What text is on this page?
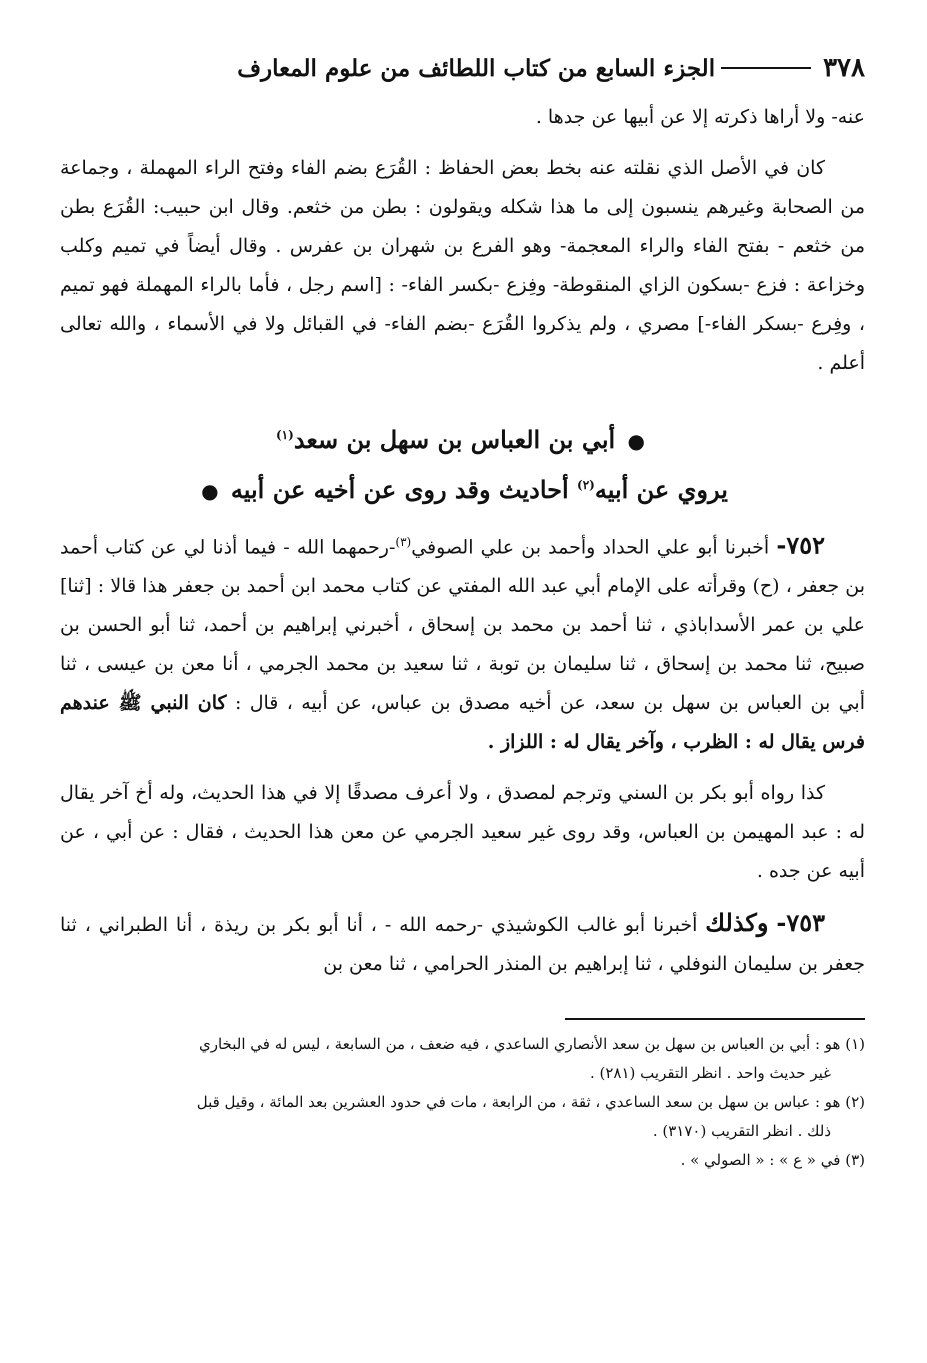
٣٧٨
الجزء السابع من كتاب اللطائف من علوم المعارف

عنه- ولا أراها ذكرته إلا عن أبيها عن جدها .

كان في الأصل الذي نقلته عنه بخط بعض الحفاظ : القُرَع بضم الفاء وفتح الراء المهملة ، وجماعة من الصحابة وغيرهم ينسبون إلى ما هذا شكله ويقولون : بطن من خثعم. وقال ابن حبيب: القُرَع بطن من خثعم - بفتح الفاء والراء المعجمة- وهو الفرع بن شهران بن عفرس . وقال أيضاً في تميم وكلب وخزاعة : فزع -بسكون الزاي المنقوطة- وفِزع -بكسر الفاء- : [اسم رجل ، فأما بالراء المهملة فهو تميم ، وفِرع -بسكر الفاء-] مصري ، ولم يذكروا القُرَع -بضم الفاء- في القبائل ولا في الأسماء ، والله تعالى أعلم .

● أبي بن العباس بن سهل بن سعد$^{(١)}$

يروي عن أبيه$^{(٢)}$ أحاديث وقد روى عن أخيه عن أبيه ●

٧٥٢- أخبرنا أبو علي الحداد وأحمد بن علي الصوفي$^{(٣)}$-رحمهما الله - فيما أذنا لي عن كتاب أحمد بن جعفر ، (ح) وقرأته على الإمام أبي عبد الله المفتي عن كتاب محمد ابن أحمد بن جعفر هذا قالا : [ثنا] علي بن عمر الأسداباذي ، ثنا أحمد بن محمد بن إسحاق ، أخبرني إبراهيم بن أحمد، ثنا أبو الحسن بن صبيح، ثنا محمد بن إسحاق ، ثنا سليمان بن توبة ، ثنا سعيد بن محمد الجرمي ، أنا معن بن عيسى ، ثنا أبي بن العباس بن سهل بن سعد، عن أخيه مصدق بن عباس، عن أبيه ، قال : كان النبي ﷺ عندهم فرس يقال له : الظرب ، وآخر يقال له : اللزاز .

كذا رواه أبو بكر بن السني وترجم لمصدق ، ولا أعرف مصدقًا إلا في هذا الحديث، وله أخ آخر يقال له : عبد المهيمن بن العباس، وقد روى غير سعيد الجرمي عن معن هذا الحديث ، فقال : عن أبي ، عن أبيه عن جده .

٧٥٣- وكذلك أخبرنا أبو غالب الكوشيذي -رحمه الله - ، أنا أبو بكر بن ريذة ، أنا الطبراني ، ثنا جعفر بن سليمان النوفلي ، ثنا إبراهيم بن المنذر الحرامي ، ثنا معن بن

(١) هو : أبي بن العباس بن سهل بن سعد الأنصاري الساعدي ، فيه ضعف ، من السابعة ، ليس له في البخاري

غير حديث واحد . انظر التقريب (٢٨١) .

(٢) هو : عباس بن سهل بن سعد الساعدي ، ثقة ، من الرابعة ، مات في حدود العشرين بعد المائة ، وقيل قبل

ذلك . انظر التقريب (٣١٧٠) .

(٣) في « ع » : « الصولي » .
